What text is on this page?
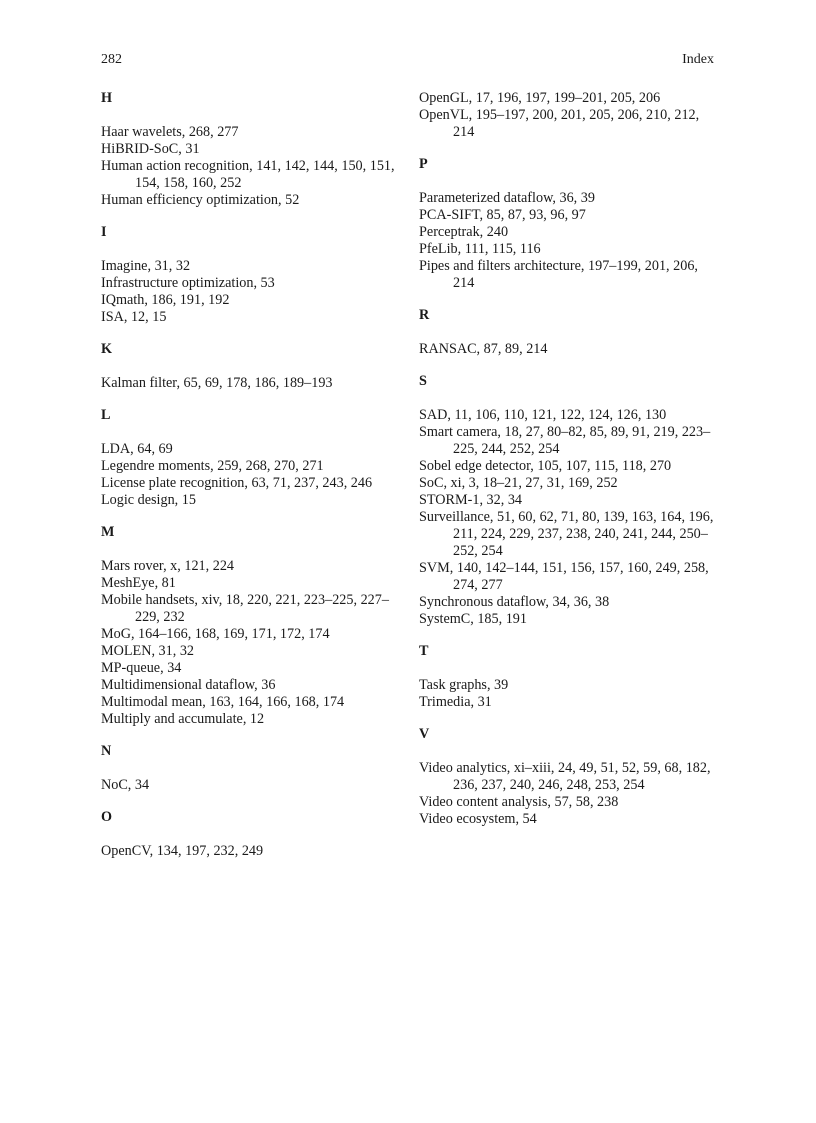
282	Index
H
Haar wavelets, 268, 277
HiBRID-SoC, 31
Human action recognition, 141, 142, 144, 150, 151, 154, 158, 160, 252
Human efficiency optimization, 52
I
Imagine, 31, 32
Infrastructure optimization, 53
IQmath, 186, 191, 192
ISA, 12, 15
K
Kalman filter, 65, 69, 178, 186, 189–193
L
LDA, 64, 69
Legendre moments, 259, 268, 270, 271
License plate recognition, 63, 71, 237, 243, 246
Logic design, 15
M
Mars rover, x, 121, 224
MeshEye, 81
Mobile handsets, xiv, 18, 220, 221, 223–225, 227–229, 232
MoG, 164–166, 168, 169, 171, 172, 174
MOLEN, 31, 32
MP-queue, 34
Multidimensional dataflow, 36
Multimodal mean, 163, 164, 166, 168, 174
Multiply and accumulate, 12
N
NoC, 34
O
OpenCV, 134, 197, 232, 249
OpenGL, 17, 196, 197, 199–201, 205, 206
OpenVL, 195–197, 200, 201, 205, 206, 210, 212, 214
P
Parameterized dataflow, 36, 39
PCA-SIFT, 85, 87, 93, 96, 97
Perceptrak, 240
PfeLib, 111, 115, 116
Pipes and filters architecture, 197–199, 201, 206, 214
R
RANSAC, 87, 89, 214
S
SAD, 11, 106, 110, 121, 122, 124, 126, 130
Smart camera, 18, 27, 80–82, 85, 89, 91, 219, 223–225, 244, 252, 254
Sobel edge detector, 105, 107, 115, 118, 270
SoC, xi, 3, 18–21, 27, 31, 169, 252
STORM-1, 32, 34
Surveillance, 51, 60, 62, 71, 80, 139, 163, 164, 196, 211, 224, 229, 237, 238, 240, 241, 244, 250–252, 254
SVM, 140, 142–144, 151, 156, 157, 160, 249, 258, 274, 277
Synchronous dataflow, 34, 36, 38
SystemC, 185, 191
T
Task graphs, 39
Trimedia, 31
V
Video analytics, xi–xiii, 24, 49, 51, 52, 59, 68, 182, 236, 237, 240, 246, 248, 253, 254
Video content analysis, 57, 58, 238
Video ecosystem, 54
